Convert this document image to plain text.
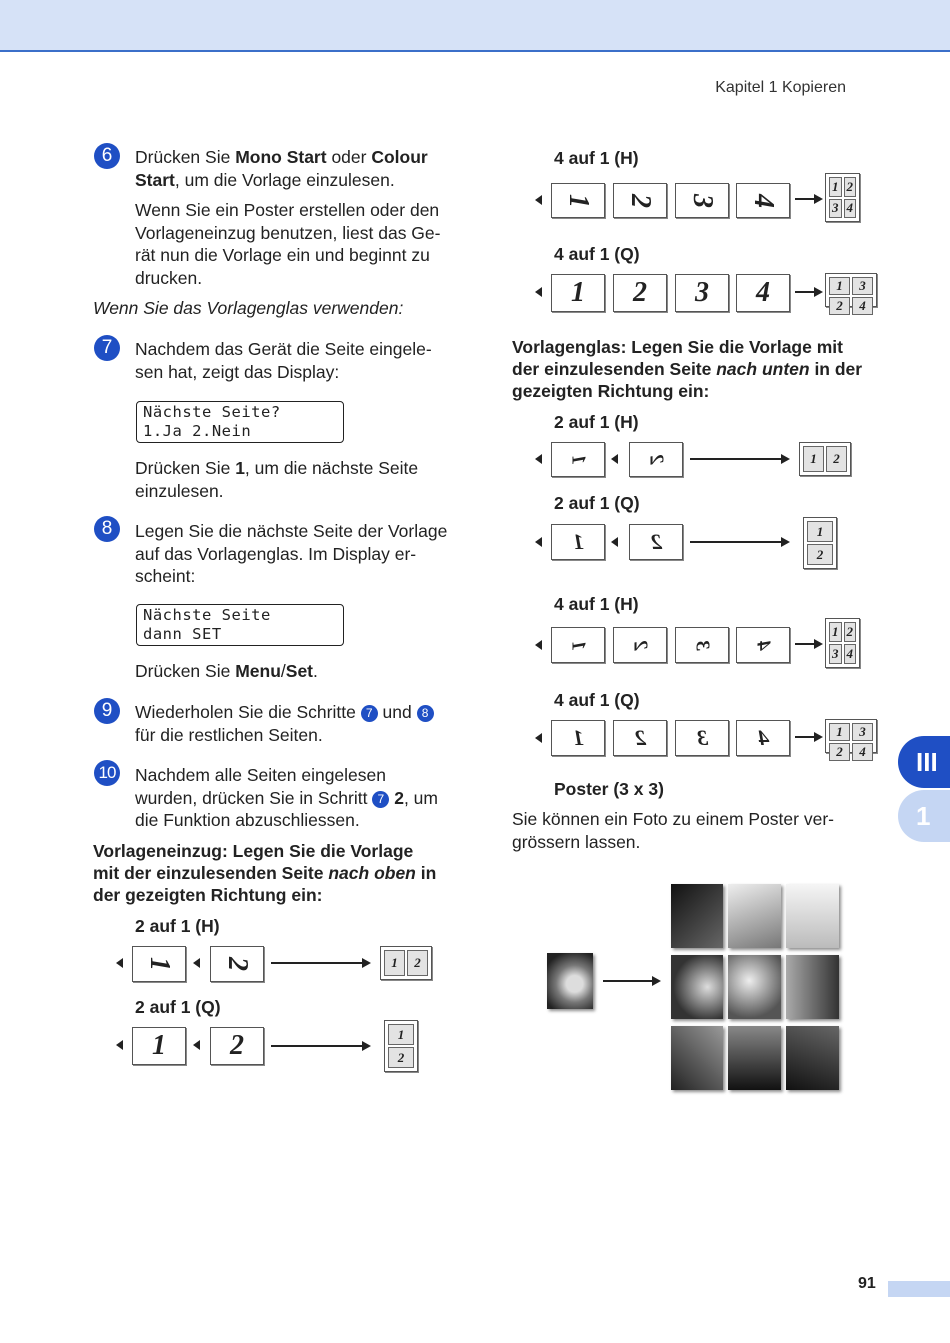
Kapitel 1 Kopieren
6	Drücken Sie Mono Start oder Colour
Start, um die Vorlage einzulesen.
Wenn Sie ein Poster erstellen oder den
Vorlageneinzug benutzen, liest das Ge-
rät nun die Vorlage ein und beginnt zu
drucken.
Wenn Sie das Vorlagenglas verwenden:
7	Nachdem das Gerät die Seite eingele-
sen hat, zeigt das Display:
Nächste Seite?
1.Ja 2.Nein
Drücken Sie 1, um die nächste Seite
einzulesen.
8	Legen Sie die nächste Seite der Vorlage
auf das Vorlagenglas. Im Display er-
scheint:
Nächste Seite
dann SET
Drücken Sie Menu/Set.
9	Wiederholen Sie die Schritte 7 und 8
für die restlichen Seiten.
10 Nachdem alle Seiten eingelesen
wurden, drücken Sie in Schritt 7 2, um
die Funktion abzuschliessen.
Vorlageneinzug: Legen Sie die Vorlage
mit der einzulesenden Seite nach oben in
der gezeigten Richtung ein:
2 auf 1 (H)
1 2	1	2
2 auf 1 (Q)
1	2	1
2
4 auf 1 (H)
1 2 3 4
1 2
3 4
4 auf 1 (Q)
1	2	3	4	1	3
2	4
Vorlagenglas: Legen Sie die Vorlage mit
der einzulesenden Seite nach unten in der
gezeigten Richtung ein:
2 auf 1 (H)
1	2	1	2
2 auf 1 (Q)
1	2	1
2
4 auf 1 (H)
1 2 3 4
1 2
3 4
4 auf 1 (Q)
1 2 3 4	1	3
2	4
Poster (3 x 3)
Sie können ein Foto zu einem Poster ver-
grössern lassen.
III
1
91
